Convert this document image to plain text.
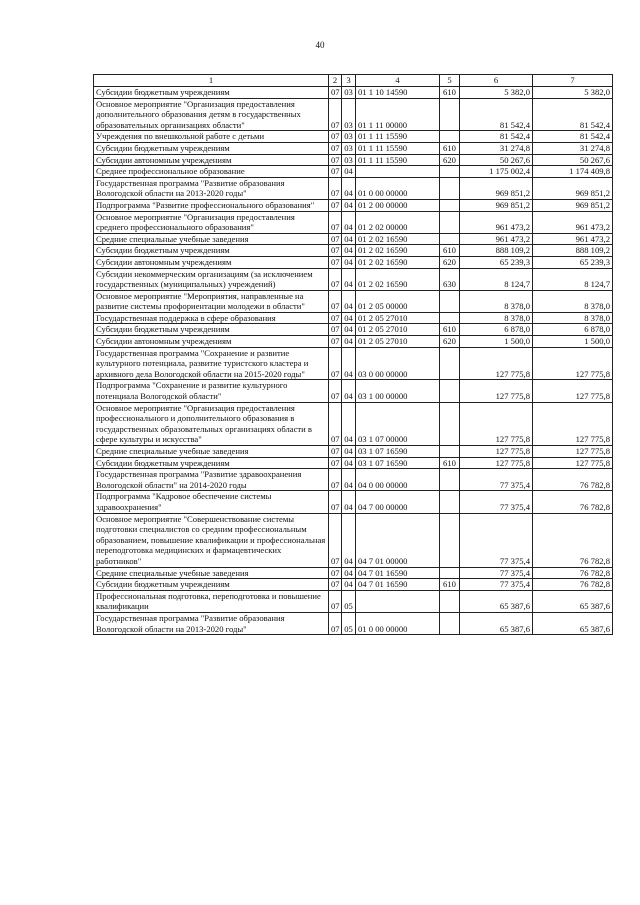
40
1	2	3	4	5	6	7
Субсидии бюджетным учреждениям	07	03	01 1 10 14590	610	5 382,0	5 382,0
Основное мероприятие "Организация предоставления дополнительного образования детям в государственных образовательных организациях области"	07	03	01 1 11 00000		81 542,4	81 542,4
Учреждения по внешкольной работе с детьми	07	03	01 1 11 15590		81 542,4	81 542,4
Субсидии бюджетным учреждениям	07	03	01 1 11 15590	610	31 274,8	31 274,8
Субсидии автономным учреждениям	07	03	01 1 11 15590	620	50 267,6	50 267,6
Среднее профессиональное образование	07	04			1 175 002,4	1 174 409,8
Государственная программа "Развитие образования Вологодской области на 2013-2020 годы"	07	04	01 0 00 00000		969 851,2	969 851,2
Подпрограмма "Развитие профессионального образования"	07	04	01 2 00 00000		969 851,2	969 851,2
Основное мероприятие "Организация предоставления среднего профессионального образования"	07	04	01 2 02 00000		961 473,2	961 473,2
Средние специальные учебные заведения	07	04	01 2 02 16590		961 473,2	961 473,2
Субсидии бюджетным учреждениям	07	04	01 2 02 16590	610	888 109,2	888 109,2
Субсидии автономным учреждениям	07	04	01 2 02 16590	620	65 239,3	65 239,3
Субсидии некоммерческим организациям (за исключением государственных (муниципальных) учреждений)	07	04	01 2 02 16590	630	8 124,7	8 124,7
Основное мероприятие "Мероприятия, направленные на развитие системы профориентации молодежи в области"	07	04	01 2 05 00000		8 378,0	8 378,0
Государственная поддержка в сфере образования	07	04	01 2 05 27010		8 378,0	8 378,0
Субсидии бюджетным учреждениям	07	04	01 2 05 27010	610	6 878,0	6 878,0
Субсидии автономным учреждениям	07	04	01 2 05 27010	620	1 500,0	1 500,0
Государственная программа "Сохранение и развитие культурного потенциала, развитие туристского кластера и архивного дела Вологодской области на 2015-2020 годы"	07	04	03 0 00 00000		127 775,8	127 775,8
Подпрограмма "Сохранение и развитие культурного потенциала Вологодской области"	07	04	03 1 00 00000		127 775,8	127 775,8
Основное мероприятие "Организация предоставления профессионального и дополнительного образования в государственных образовательных организациях области в сфере культуры и искусства"	07	04	03 1 07 00000		127 775,8	127 775,8
Средние специальные учебные заведения	07	04	03 1 07 16590		127 775,8	127 775,8
Субсидии бюджетным учреждениям	07	04	03 1 07 16590	610	127 775,8	127 775,8
Государственная программа "Развитие здравоохранения Вологодской области" на 2014-2020 годы	07	04	04 0 00 00000		77 375,4	76 782,8
Подпрограмма "Кадровое обеспечение системы здравоохранения"	07	04	04 7 00 00000		77 375,4	76 782,8
Основное мероприятие "Совершенствование системы подготовки специалистов со средним профессиональным образованием, повышение квалификации и профессиональная переподготовка медицинских и фармацевтических работников"	07	04	04 7 01 00000		77 375,4	76 782,8
Средние специальные учебные заведения	07	04	04 7 01 16590		77 375,4	76 782,8
Субсидии бюджетным учреждениям	07	04	04 7 01 16590	610	77 375,4	76 782,8
Профессиональная подготовка, переподготовка и повышение квалификации	07	05			65 387,6	65 387,6
Государственная программа "Развитие образования Вологодской области на 2013-2020 годы"	07	05	01 0 00 00000		65 387,6	65 387,6
